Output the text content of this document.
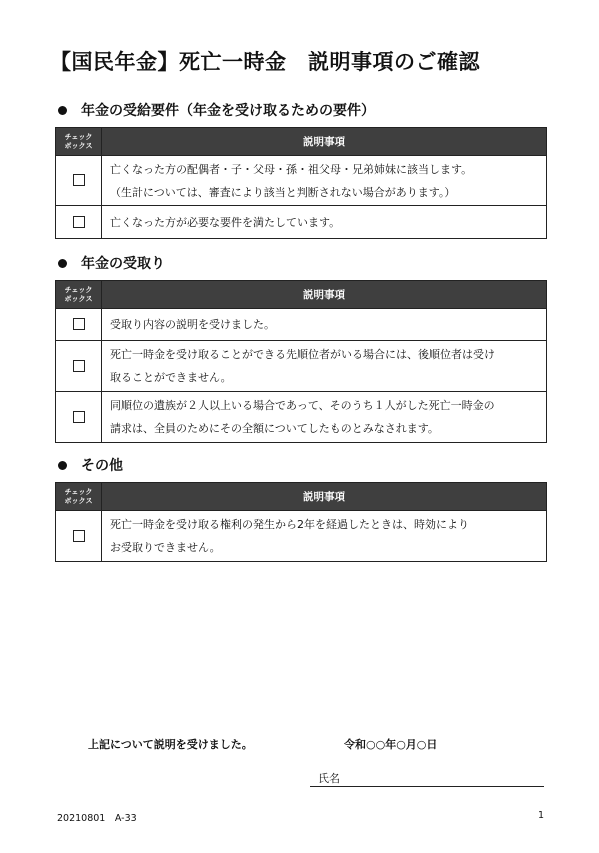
【国民年金】死亡一時金　説明事項のご確認
年金の受給要件（年金を受け取るための要件）
チェック
ボックス	説明事項

	亡くなった方の配偶者・子・父母・孫・祖父母・兄弟姉妹に該当します。
（生計については、審査により該当と判断されない場合があります。）

	亡くなった方が必要な要件を満たしています。
年金の受取り
チェック
ボックス	説明事項

	受取り内容の説明を受けました。

	死亡一時金を受け取ることができる先順位者がいる場合には、後順位者は受け
取ることができません。

	同順位の遺族が２人以上いる場合であって、そのうち１人がした死亡一時金の
請求は、全員のためにその全額についてしたものとみなされます。
その他
チェック
ボックス	説明事項

	死亡一時金を受け取る権利の発生から2年を経過したときは、時効により
お受取りできません。
上記について説明を受けました。	令和○○年○月○日
氏名
20210801　A-33	1
